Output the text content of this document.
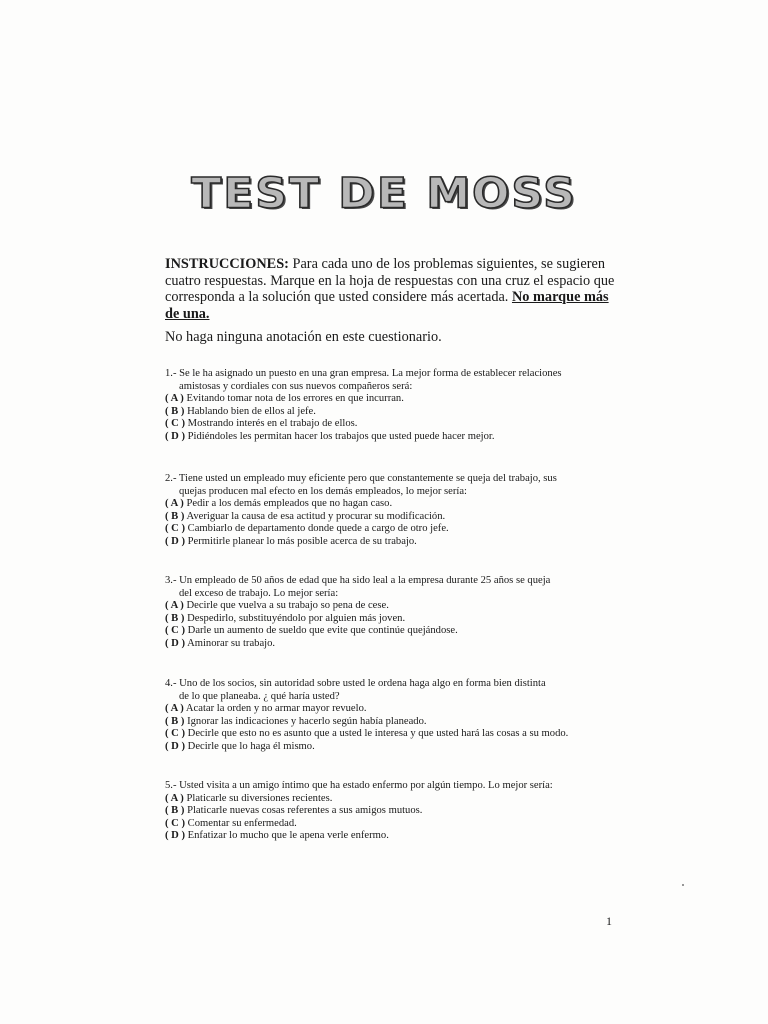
TEST DE MOSS
INSTRUCCIONES: Para cada uno de los problemas siguientes, se sugieren cuatro respuestas. Marque en la hoja de respuestas con una cruz el espacio que corresponda a la solución que usted considere más acertada. No marque más de una.
No haga ninguna anotación en este cuestionario.
1.- Se le ha asignado un puesto en una gran empresa. La mejor forma de establecer relaciones
amistosas y cordiales con sus nuevos compañeros será:
( A ) Evitando tomar nota de los errores en que incurran.
( B ) Hablando bien de ellos al jefe.
( C ) Mostrando interés en el trabajo de ellos.
( D ) Pidiéndoles les permitan hacer los trabajos que usted puede hacer mejor.
2.- Tiene usted un empleado muy eficiente pero que constantemente se queja del trabajo, sus
quejas producen mal efecto en los demás empleados, lo mejor sería:
( A ) Pedir a los demás empleados que no hagan caso.
( B ) Averiguar la causa de esa actitud y procurar su modificación.
( C ) Cambiarlo de departamento donde quede a cargo de otro jefe.
( D ) Permitirle planear lo más posible acerca de su trabajo.
3.- Un empleado de 50 años de edad que ha sido leal a la empresa durante 25 años se queja
del exceso de trabajo. Lo mejor sería:
( A ) Decirle que vuelva a su trabajo so pena de cese.
( B ) Despedirlo, substituyéndolo por alguien más joven.
( C ) Darle un aumento de sueldo que evite que continúe quejándose.
( D ) Aminorar su trabajo.
4.- Uno de los socios, sin autoridad sobre usted le ordena haga algo en forma bien distinta
de lo que planeaba. ¿ qué haría usted?
( A ) Acatar la orden y no armar mayor revuelo.
( B ) Ignorar las indicaciones y hacerlo según había planeado.
( C ) Decirle que esto no es asunto que a usted le interesa y que usted hará las cosas a su modo.
( D ) Decirle que lo haga él mismo.
5.- Usted visita a un amigo íntimo que ha estado enfermo por algún tiempo. Lo mejor sería:
( A ) Platicarle su diversiones recientes.
( B ) Platicarle nuevas cosas referentes a sus amigos mutuos.
( C ) Comentar su enfermedad.
( D ) Enfatizar lo mucho que le apena verle enfermo.
1
